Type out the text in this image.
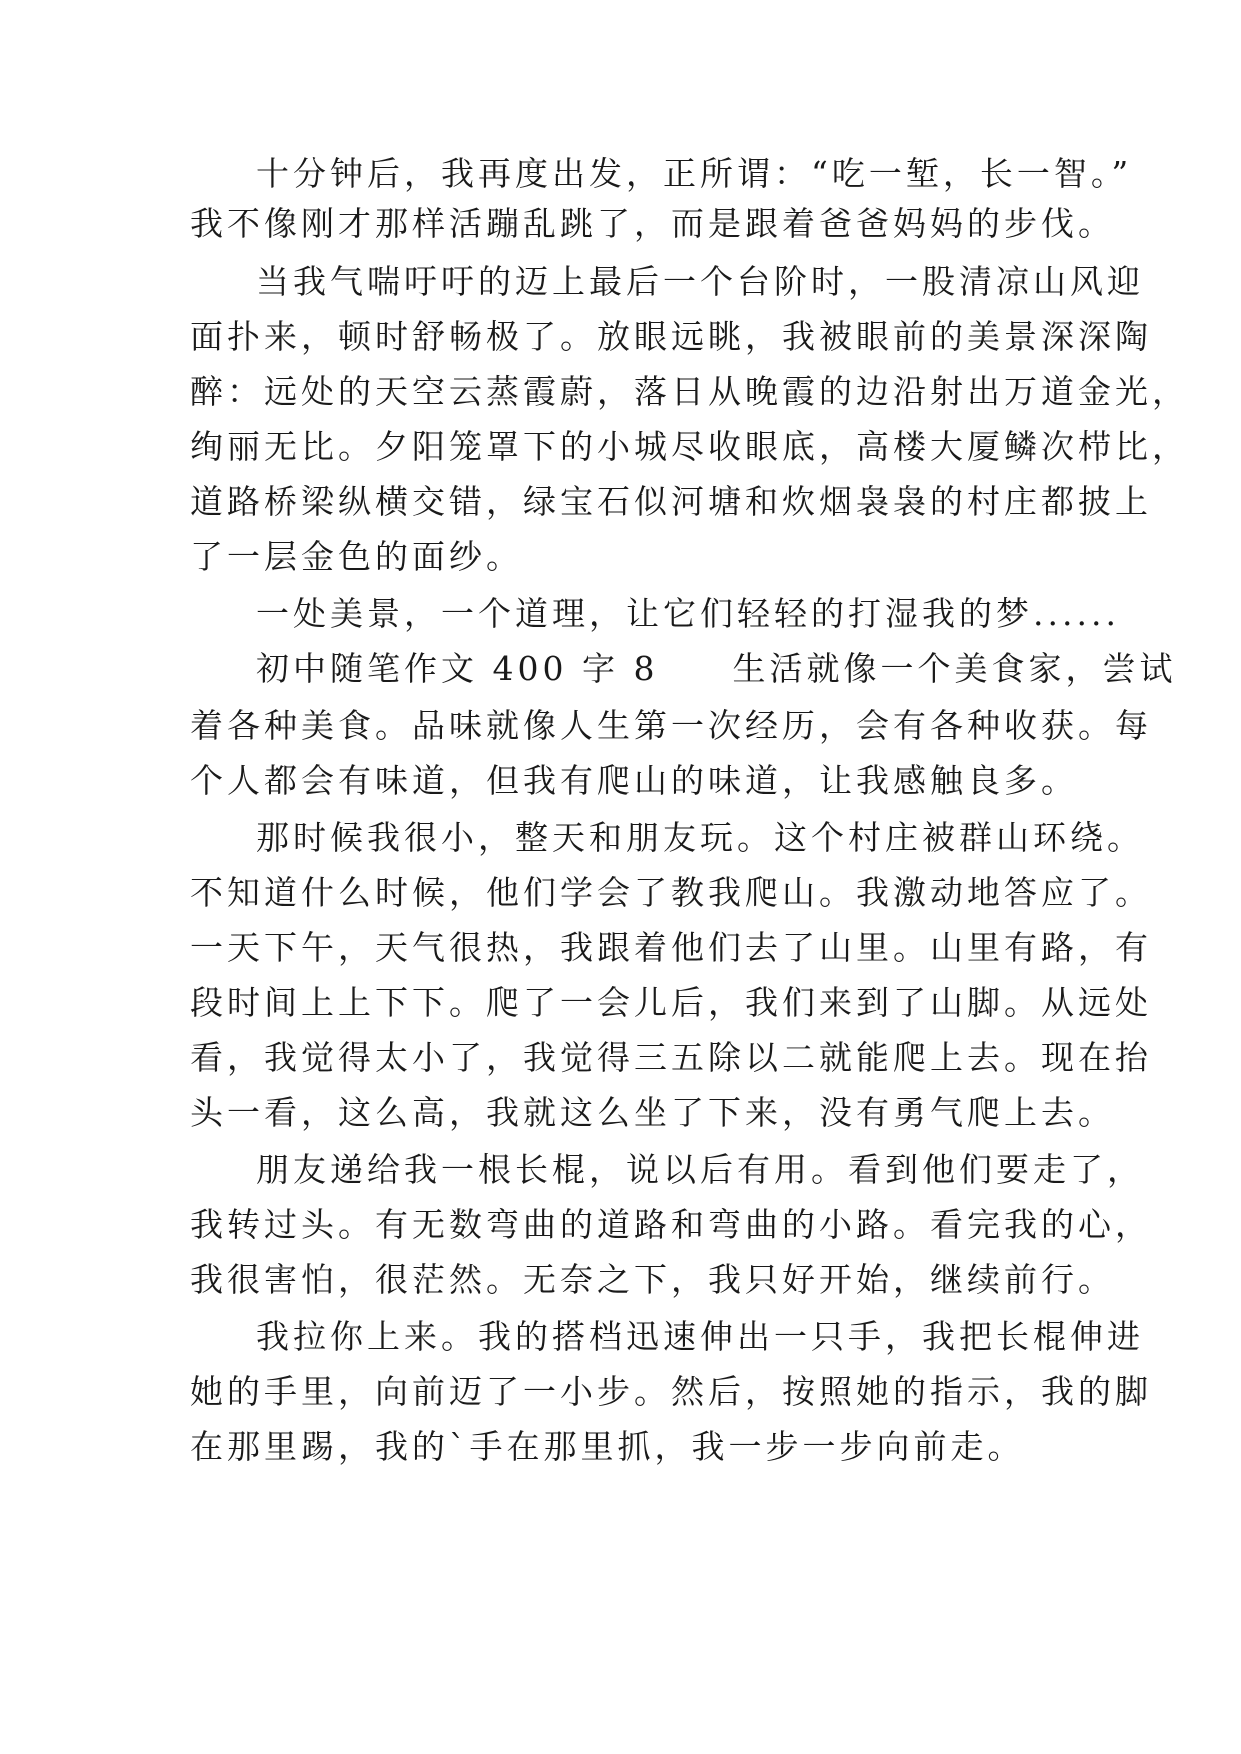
十分钟后，我再度出发，正所谓：“吃一堑，长一智。”
我不像刚才那样活蹦乱跳了，而是跟着爸爸妈妈的步伐。
当我气喘吁吁的迈上最后一个台阶时，一股清凉山风迎
面扑来，顿时舒畅极了。放眼远眺，我被眼前的美景深深陶
醉：远处的天空云蒸霞蔚，落日从晚霞的边沿射出万道金光，
绚丽无比。夕阳笼罩下的小城尽收眼底，高楼大厦鳞次栉比，
道路桥梁纵横交错，绿宝石似河塘和炊烟袅袅的村庄都披上
了一层金色的面纱。
一处美景，一个道理，让它们轻轻的打湿我的梦......
初中随笔作文 400 字 8　　生活就像一个美食家，尝试
着各种美食。品味就像人生第一次经历，会有各种收获。每
个人都会有味道，但我有爬山的味道，让我感触良多。
那时候我很小，整天和朋友玩。这个村庄被群山环绕。
不知道什么时候，他们学会了教我爬山。我激动地答应了。
一天下午，天气很热，我跟着他们去了山里。山里有路，有
段时间上上下下。爬了一会儿后，我们来到了山脚。从远处
看，我觉得太小了，我觉得三五除以二就能爬上去。现在抬
头一看，这么高，我就这么坐了下来，没有勇气爬上去。
朋友递给我一根长棍，说以后有用。看到他们要走了，
我转过头。有无数弯曲的道路和弯曲的小路。看完我的心，
我很害怕，很茫然。无奈之下，我只好开始，继续前行。
我拉你上来。我的搭档迅速伸出一只手，我把长棍伸进
她的手里，向前迈了一小步。然后，按照她的指示，我的脚
在那里踢，我的`手在那里抓，我一步一步向前走。
